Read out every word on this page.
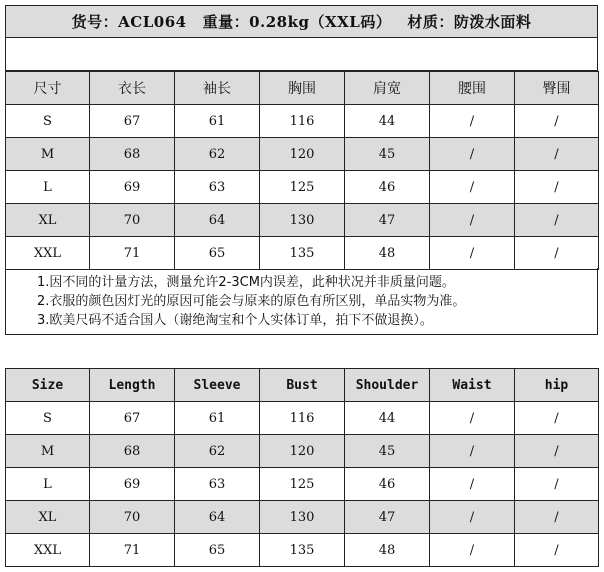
货号：ACL064 重量：0.28kg（XXL码） 材质：防泼水面料
尺寸	衣长	袖长	胸围	肩宽	腰围	臀围
S	67	61	116	44	/	/
M	68	62	120	45	/	/
L	69	63	125	46	/	/
XL	70	64	130	47	/	/
XXL	71	65	135	48	/	/
1.因不同的计量方法，测量允许2-3CM内误差，此种状况并非质量问题。
2.衣服的颜色因灯光的原因可能会与原来的原色有所区别，单品实物为准。
3.欧美尺码不适合国人（谢绝淘宝和个人实体订单，拍下不做退换）。
Size	Length	Sleeve	Bust	Shoulder	Waist	hip
S	67	61	116	44	/	/
M	68	62	120	45	/	/
L	69	63	125	46	/	/
XL	70	64	130	47	/	/
XXL	71	65	135	48	/	/
